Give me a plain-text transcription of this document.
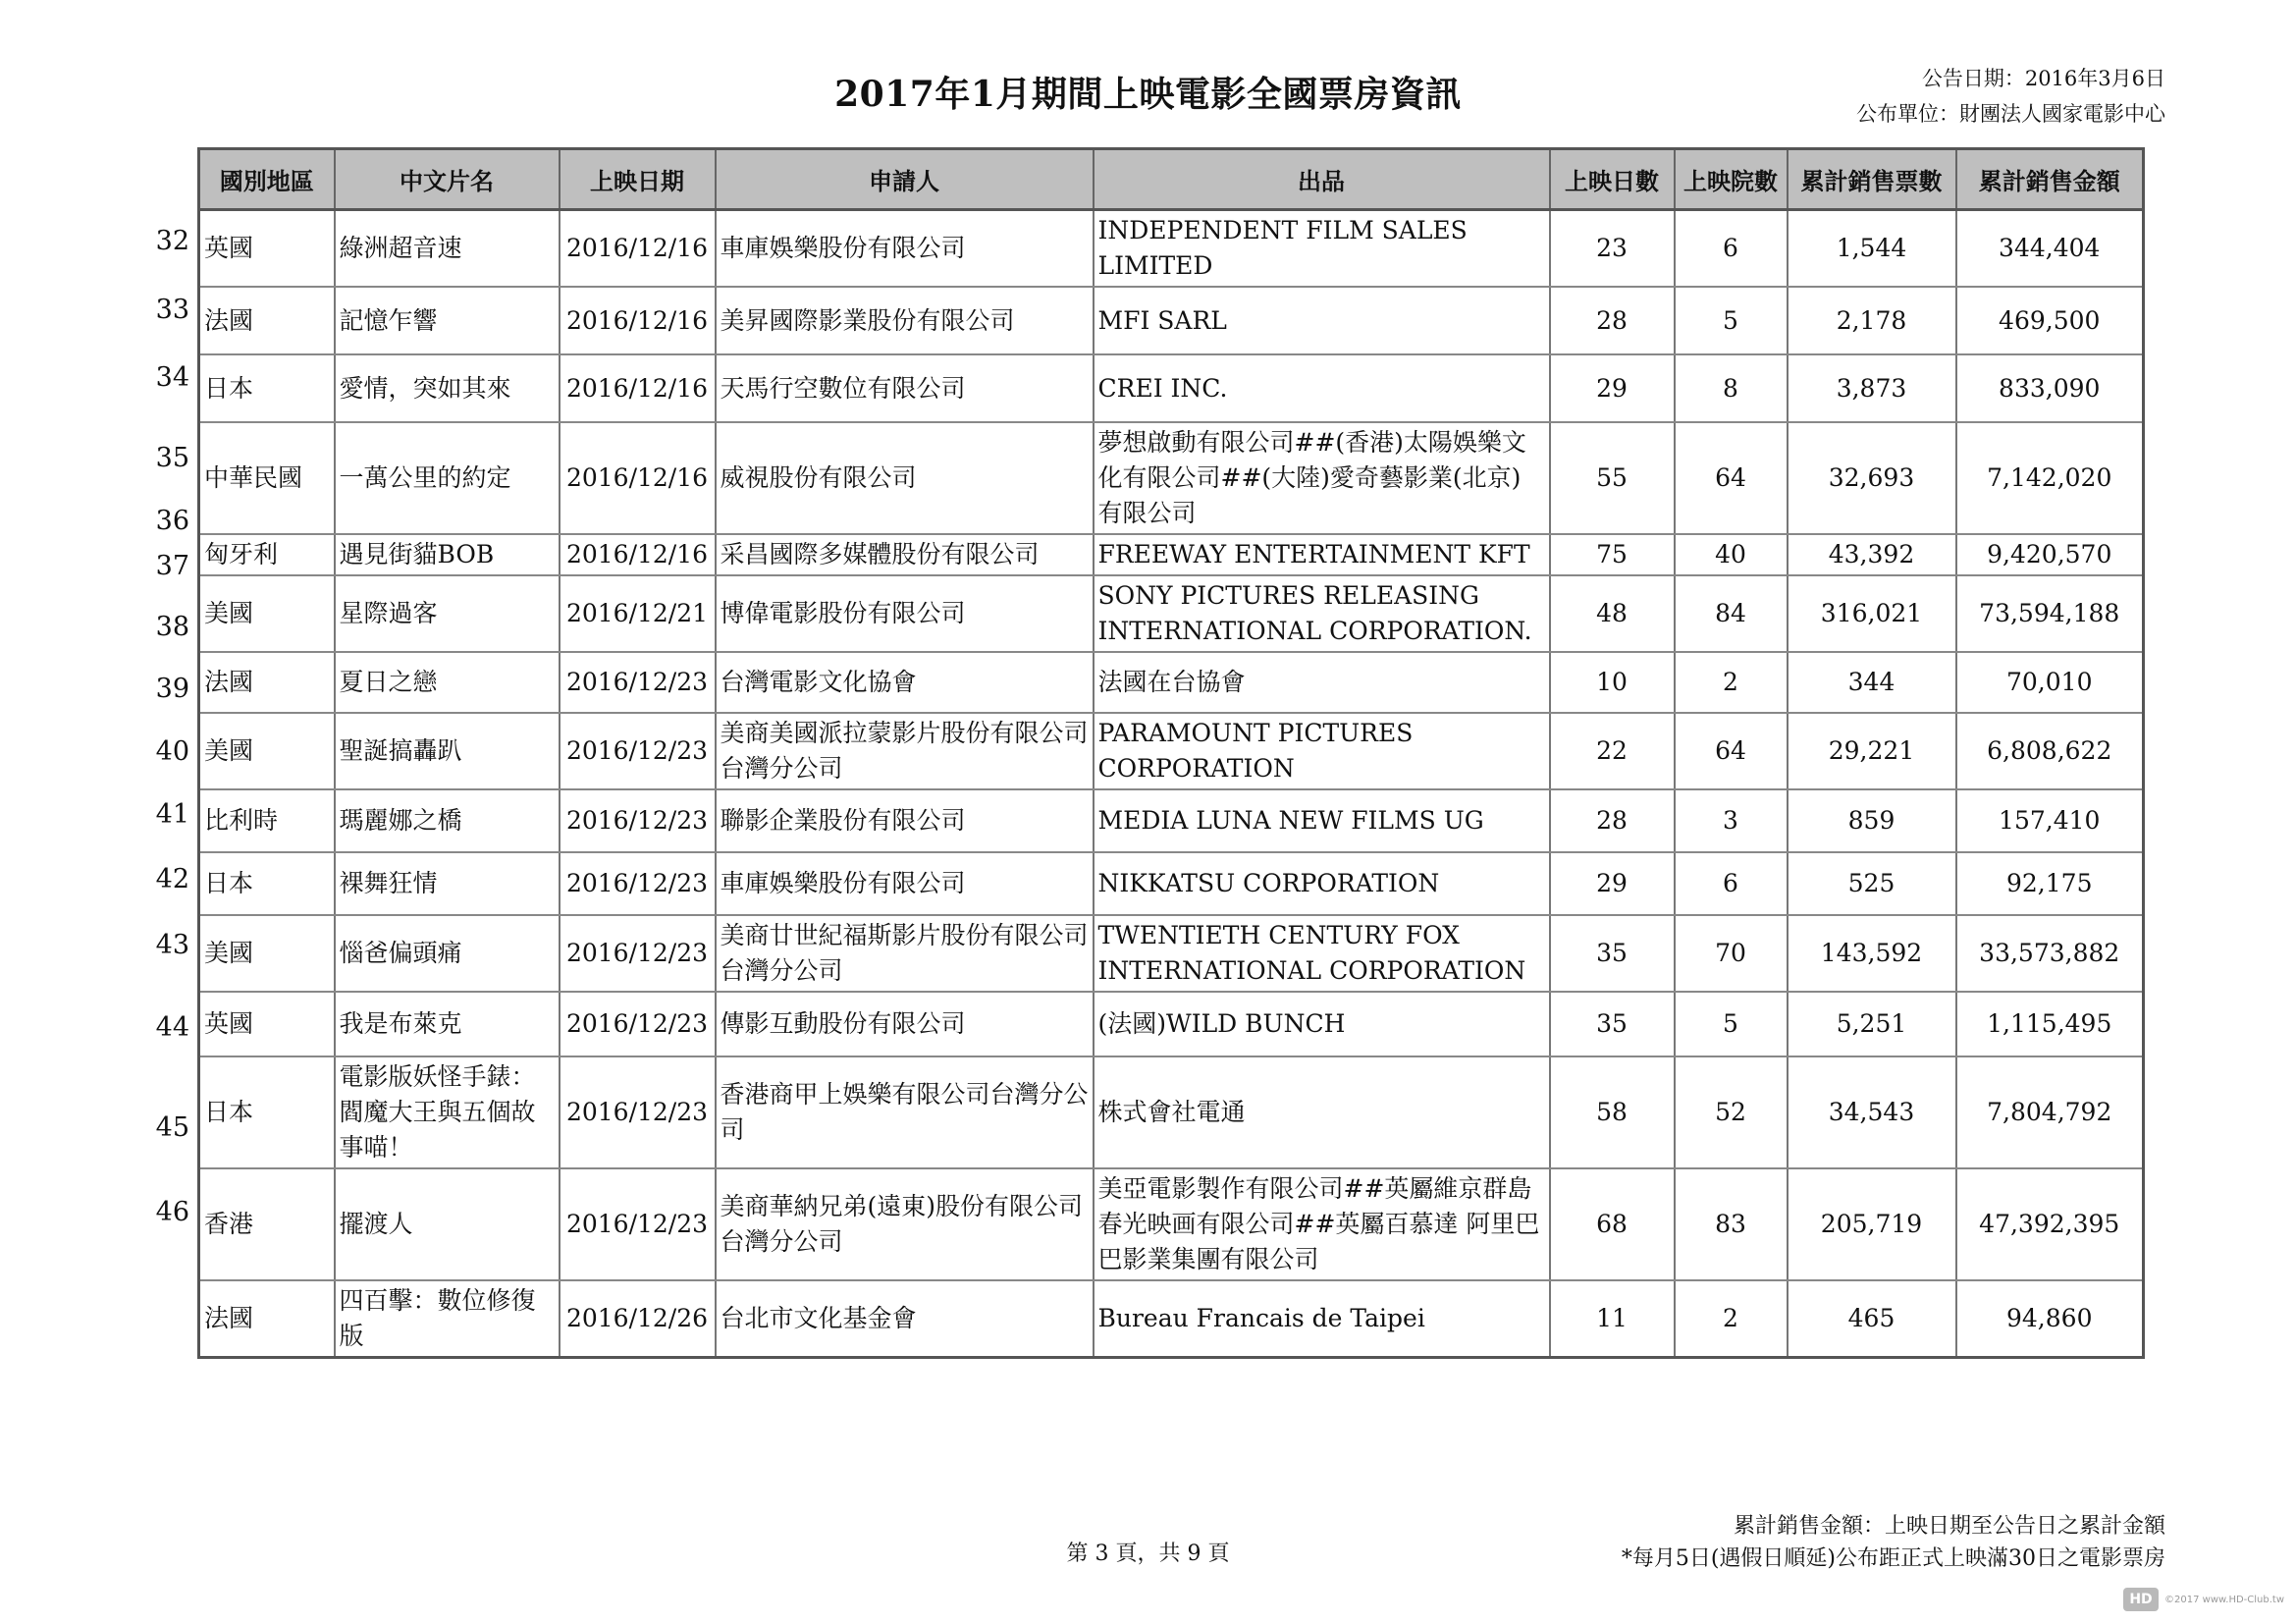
2017年1月期間上映電影全國票房資訊	公告日期：2016年3月6日
公布單位：財團法人國家電影中心
32
33
34
35
36
37
38
39
40
41
42
43
44
45
46
國別地區	中文片名	上映日期	申請人	出品	上映日數	上映院數	累計銷售票數	累計銷售金額
英國	綠洲超音速	2016/12/16	車庫娛樂股份有限公司	INDEPENDENT FILM SALES LIMITED	23	6	1,544	344,404
法國	記憶乍響	2016/12/16	美昇國際影業股份有限公司	MFI SARL	28	5	2,178	469,500
日本	愛情，突如其來	2016/12/16	天馬行空數位有限公司	CREI INC.	29	8	3,873	833,090
中華民國	一萬公里的約定	2016/12/16	威視股份有限公司	夢想啟動有限公司##(香港)太陽娛樂文化有限公司##(大陸)愛奇藝影業(北京)有限公司	55	64	32,693	7,142,020
匈牙利	遇見街貓BOB	2016/12/16	采昌國際多媒體股份有限公司	FREEWAY ENTERTAINMENT KFT	75	40	43,392	9,420,570
美國	星際過客	2016/12/21	博偉電影股份有限公司	SONY PICTURES RELEASING INTERNATIONAL CORPORATION.	48	84	316,021	73,594,188
法國	夏日之戀	2016/12/23	台灣電影文化協會	法國在台協會	10	2	344	70,010
美國	聖誕搞轟趴	2016/12/23	美商美國派拉蒙影片股份有限公司台灣分公司	PARAMOUNT PICTURES CORPORATION	22	64	29,221	6,808,622
比利時	瑪麗娜之橋	2016/12/23	聯影企業股份有限公司	MEDIA LUNA NEW FILMS UG	28	3	859	157,410
日本	裸舞狂情	2016/12/23	車庫娛樂股份有限公司	NIKKATSU CORPORATION	29	6	525	92,175
美國	惱爸偏頭痛	2016/12/23	美商廿世紀福斯影片股份有限公司台灣分公司	TWENTIETH CENTURY FOX INTERNATIONAL CORPORATION	35	70	143,592	33,573,882
英國	我是布萊克	2016/12/23	傳影互動股份有限公司	(法國)WILD BUNCH	35	5	5,251	1,115,495
日本	電影版妖怪手錶：閻魔大王與五個故事喵！	2016/12/23	香港商甲上娛樂有限公司台灣分公司	株式會社電通	58	52	34,543	7,804,792
香港	擺渡人	2016/12/23	美商華納兄弟(遠東)股份有限公司台灣分公司	美亞電影製作有限公司##英屬維京群島 春光映画有限公司##英屬百慕達 阿里巴巴影業集團有限公司	68	83	205,719	47,392,395
法國	四百擊：數位修復版	2016/12/26	台北市文化基金會	Bureau Francais de Taipei	11	2	465	94,860
累計銷售金額：上映日期至公告日之累計金額
*每月5日(遇假日順延)公布距正式上映滿30日之電影票房
第 3 頁，共 9 頁
HD	©2017 www.HD-Club.tw
